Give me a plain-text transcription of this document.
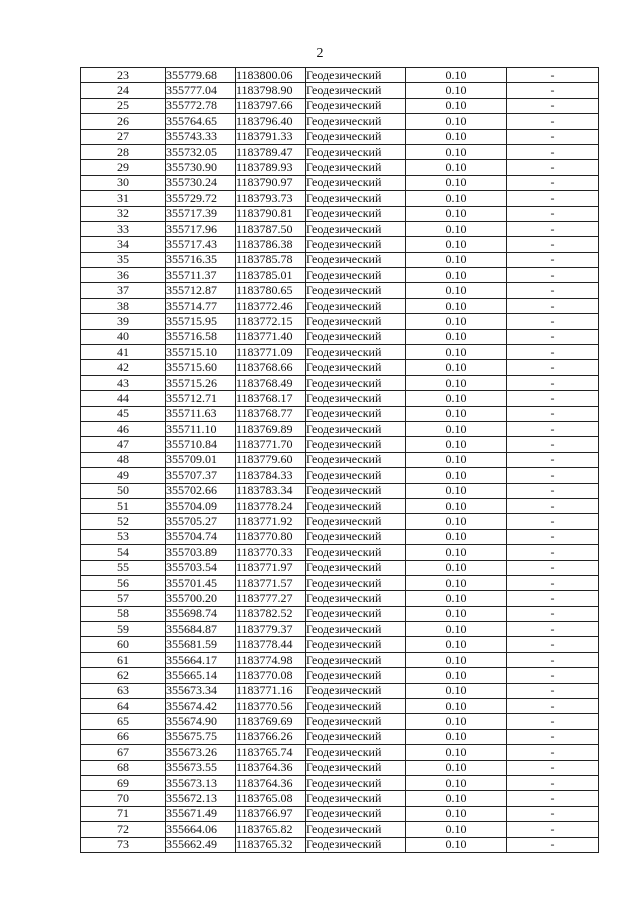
2
23	355779.68	1183800.06	Геодезический	0.10	-
24	355777.04	1183798.90	Геодезический	0.10	-
25	355772.78	1183797.66	Геодезический	0.10	-
26	355764.65	1183796.40	Геодезический	0.10	-
27	355743.33	1183791.33	Геодезический	0.10	-
28	355732.05	1183789.47	Геодезический	0.10	-
29	355730.90	1183789.93	Геодезический	0.10	-
30	355730.24	1183790.97	Геодезический	0.10	-
31	355729.72	1183793.73	Геодезический	0.10	-
32	355717.39	1183790.81	Геодезический	0.10	-
33	355717.96	1183787.50	Геодезический	0.10	-
34	355717.43	1183786.38	Геодезический	0.10	-
35	355716.35	1183785.78	Геодезический	0.10	-
36	355711.37	1183785.01	Геодезический	0.10	-
37	355712.87	1183780.65	Геодезический	0.10	-
38	355714.77	1183772.46	Геодезический	0.10	-
39	355715.95	1183772.15	Геодезический	0.10	-
40	355716.58	1183771.40	Геодезический	0.10	-
41	355715.10	1183771.09	Геодезический	0.10	-
42	355715.60	1183768.66	Геодезический	0.10	-
43	355715.26	1183768.49	Геодезический	0.10	-
44	355712.71	1183768.17	Геодезический	0.10	-
45	355711.63	1183768.77	Геодезический	0.10	-
46	355711.10	1183769.89	Геодезический	0.10	-
47	355710.84	1183771.70	Геодезический	0.10	-
48	355709.01	1183779.60	Геодезический	0.10	-
49	355707.37	1183784.33	Геодезический	0.10	-
50	355702.66	1183783.34	Геодезический	0.10	-
51	355704.09	1183778.24	Геодезический	0.10	-
52	355705.27	1183771.92	Геодезический	0.10	-
53	355704.74	1183770.80	Геодезический	0.10	-
54	355703.89	1183770.33	Геодезический	0.10	-
55	355703.54	1183771.97	Геодезический	0.10	-
56	355701.45	1183771.57	Геодезический	0.10	-
57	355700.20	1183777.27	Геодезический	0.10	-
58	355698.74	1183782.52	Геодезический	0.10	-
59	355684.87	1183779.37	Геодезический	0.10	-
60	355681.59	1183778.44	Геодезический	0.10	-
61	355664.17	1183774.98	Геодезический	0.10	-
62	355665.14	1183770.08	Геодезический	0.10	-
63	355673.34	1183771.16	Геодезический	0.10	-
64	355674.42	1183770.56	Геодезический	0.10	-
65	355674.90	1183769.69	Геодезический	0.10	-
66	355675.75	1183766.26	Геодезический	0.10	-
67	355673.26	1183765.74	Геодезический	0.10	-
68	355673.55	1183764.36	Геодезический	0.10	-
69	355673.13	1183764.36	Геодезический	0.10	-
70	355672.13	1183765.08	Геодезический	0.10	-
71	355671.49	1183766.97	Геодезический	0.10	-
72	355664.06	1183765.82	Геодезический	0.10	-
73	355662.49	1183765.32	Геодезический	0.10	-
